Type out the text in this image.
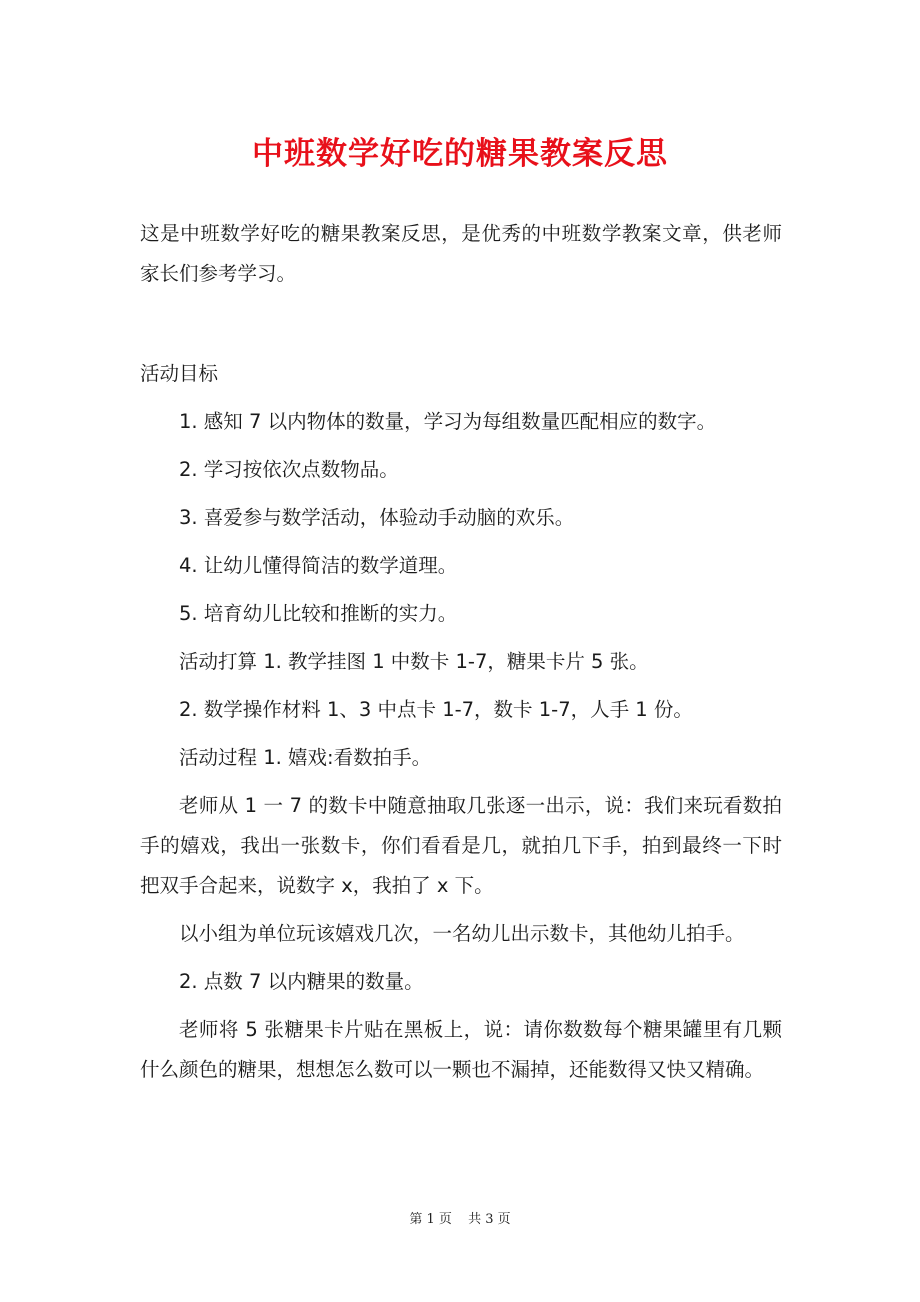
中班数学好吃的糖果教案反思

这是中班数学好吃的糖果教案反思，是优秀的中班数学教案文章，供老师家长们参考学习。

活动目标

1. 感知 7 以内物体的数量，学习为每组数量匹配相应的数字。

2. 学习按依次点数物品。

3. 喜爱参与数学活动，体验动手动脑的欢乐。

4. 让幼儿懂得简洁的数学道理。

5. 培育幼儿比较和推断的实力。

活动打算 1. 教学挂图 1 中数卡 1-7，糖果卡片 5 张。

2. 数学操作材料 1、3 中点卡 1-7，数卡 1-7，人手 1 份。

活动过程 1. 嬉戏:看数拍手。

老师从 1 一 7 的数卡中随意抽取几张逐一出示，说：我们来玩看数拍手的嬉戏，我出一张数卡，你们看看是几，就拍几下手，拍到最终一下时把双手合起来，说数字 x，我拍了 x 下。

以小组为单位玩该嬉戏几次，一名幼儿出示数卡，其他幼儿拍手。

2. 点数 7 以内糖果的数量。

老师将 5 张糖果卡片贴在黑板上，说：请你数数每个糖果罐里有几颗什么颜色的糖果，想想怎么数可以一颗也不漏掉，还能数得又快又精确。

第 1 页 共 3 页
